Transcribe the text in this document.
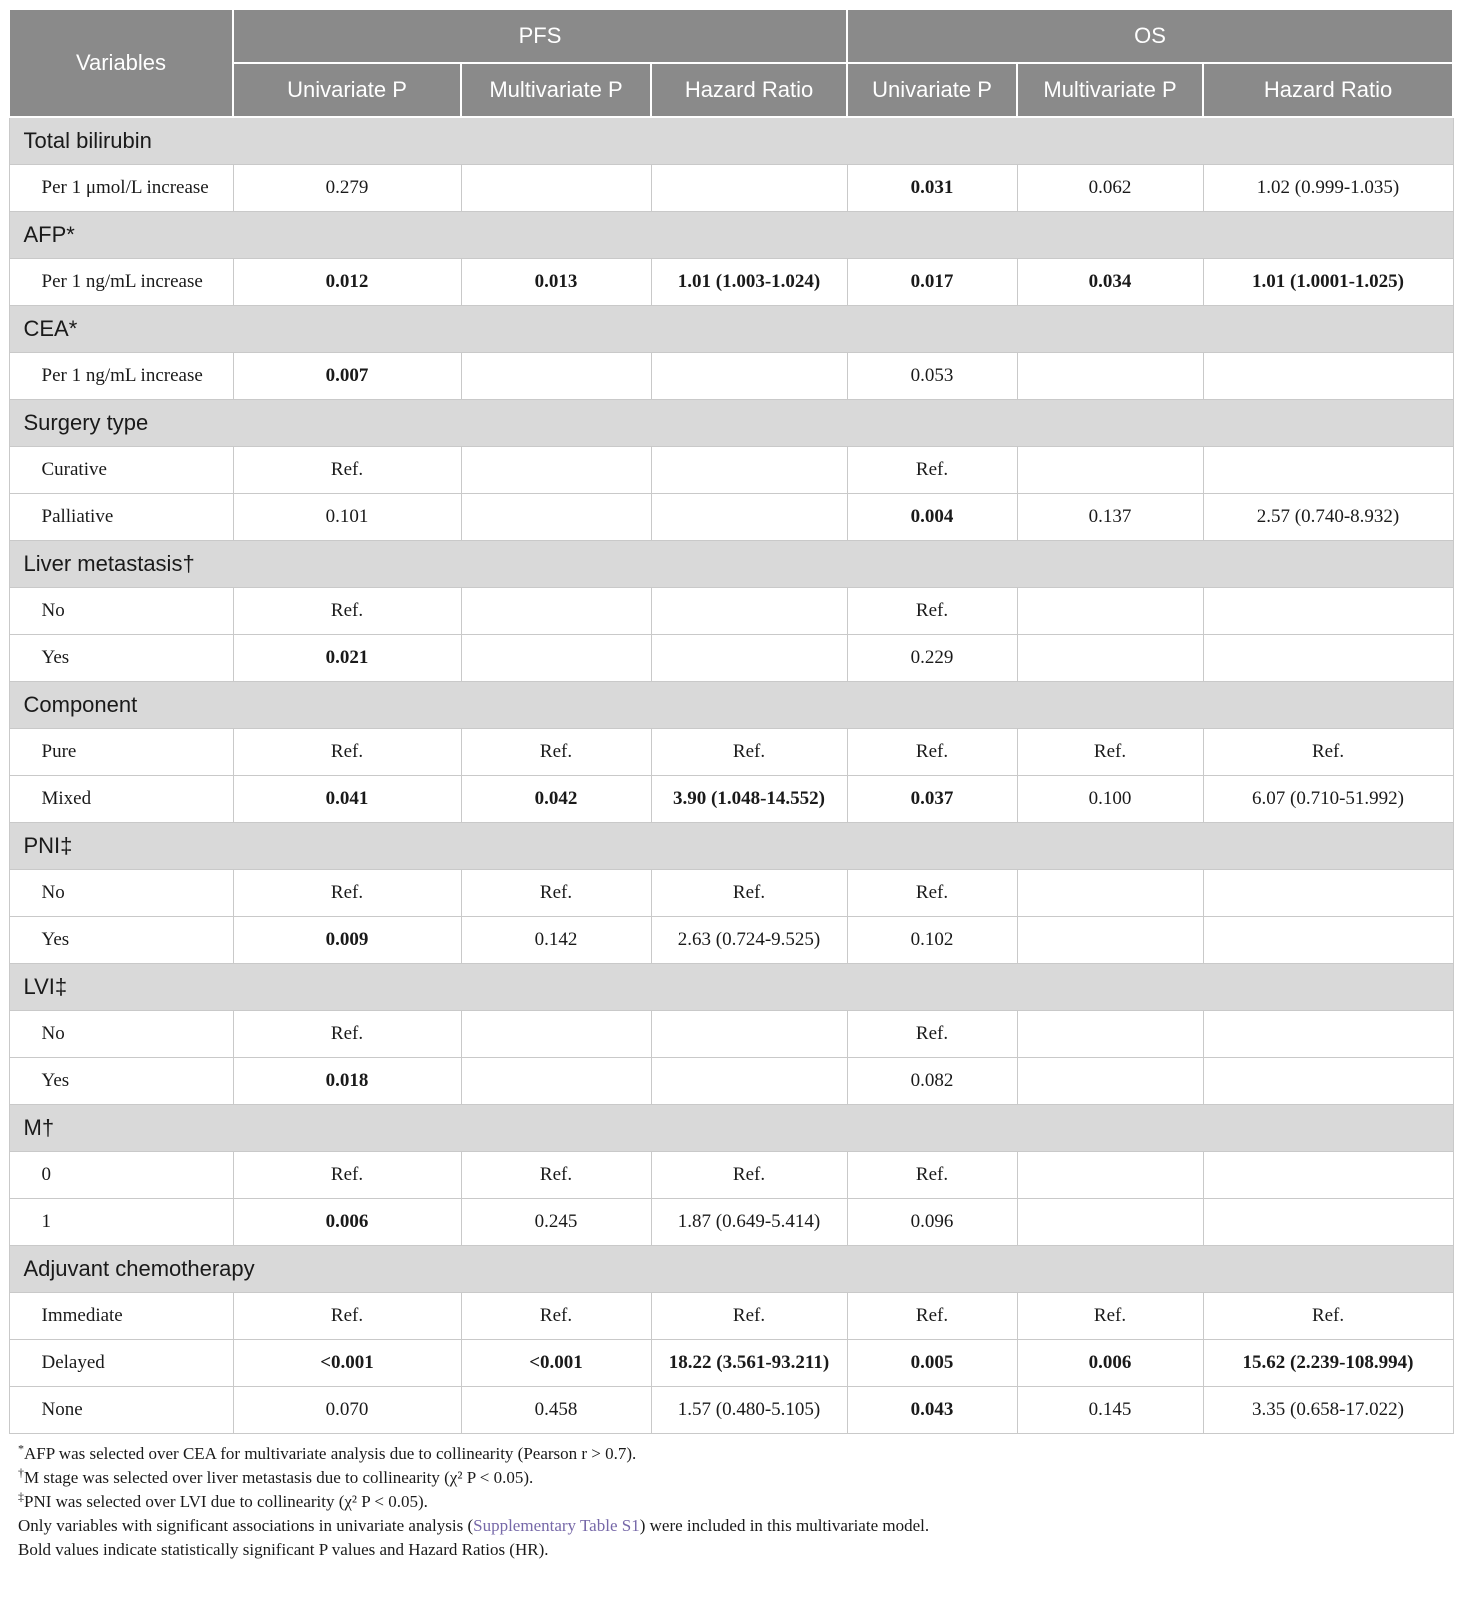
Variables	PFS			OS		
	Univariate P	Multivariate P	Hazard Ratio	Univariate P	Multivariate P	Hazard Ratio
Total bilirubin						
Per 1 μmol/L increase	0.279			0.031	0.062	1.02 (0.999-1.035)
AFP*						
Per 1 ng/mL increase	0.012	0.013	1.01 (1.003-1.024)	0.017	0.034	1.01 (1.0001-1.025)
CEA*						
Per 1 ng/mL increase	0.007			0.053		
Surgery type						
Curative	Ref.			Ref.		
Palliative	0.101			0.004	0.137	2.57 (0.740-8.932)
Liver metastasis†						
No	Ref.			Ref.		
Yes	0.021			0.229		
Component						
Pure	Ref.	Ref.	Ref.	Ref.	Ref.	Ref.
Mixed	0.041	0.042	3.90 (1.048-14.552)	0.037	0.100	6.07 (0.710-51.992)
PNI‡						
No	Ref.	Ref.	Ref.	Ref.		
Yes	0.009	0.142	2.63 (0.724-9.525)	0.102		
LVI‡						
No	Ref.			Ref.		
Yes	0.018			0.082		
M†						
0	Ref.	Ref.	Ref.	Ref.		
1	0.006	0.245	1.87 (0.649-5.414)	0.096		
Adjuvant chemotherapy						
Immediate	Ref.	Ref.	Ref.	Ref.	Ref.	Ref.
Delayed	<0.001	<0.001	18.22 (3.561-93.211)	0.005	0.006	15.62 (2.239-108.994)
None	0.070	0.458	1.57 (0.480-5.105)	0.043	0.145	3.35 (0.658-17.022)

*AFP was selected over CEA for multivariate analysis due to collinearity (Pearson r > 0.7).

†M stage was selected over liver metastasis due to collinearity (χ² P < 0.05).

‡PNI was selected over LVI due to collinearity (χ² P < 0.05).

Only variables with significant associations in univariate analysis (Supplementary Table S1) were included in this multivariate model.

Bold values indicate statistically significant P values and Hazard Ratios (HR).
